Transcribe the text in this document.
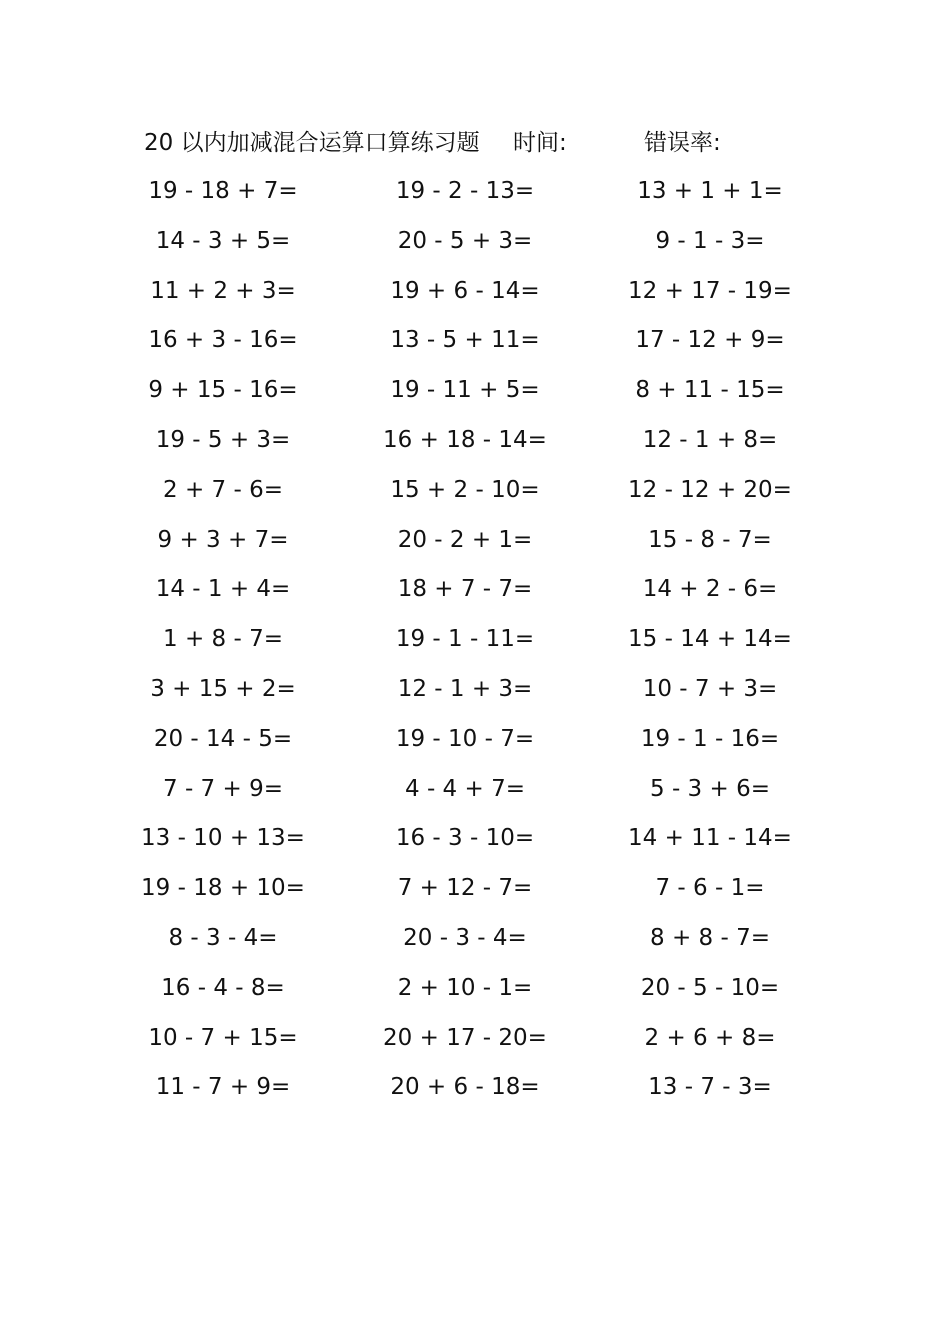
20 以内加减混合运算口算练习题 时间:	错误率:
19 - 18 + 7=	19 - 2 - 13=	13 + 1 + 1=
14 - 3 + 5=	20 - 5 + 3=	9 - 1 - 3=
11 + 2 + 3=	19 + 6 - 14=	12 + 17 - 19=
16 + 3 - 16=	13 - 5 + 11=	17 - 12 + 9=
9 + 15 - 16=	19 - 11 + 5=	8 + 11 - 15=
19 - 5 + 3=	16 + 18 - 14=	12 - 1 + 8=
2 + 7 - 6=	15 + 2 - 10=	12 - 12 + 20=
9 + 3 + 7=	20 - 2 + 1=	15 - 8 - 7=
14 - 1 + 4=	18 + 7 - 7=	14 + 2 - 6=
1 + 8 - 7=	19 - 1 - 11=	15 - 14 + 14=
3 + 15 + 2=	12 - 1 + 3=	10 - 7 + 3=
20 - 14 - 5=	19 - 10 - 7=	19 - 1 - 16=
7 - 7 + 9=	4 - 4 + 7=	5 - 3 + 6=
13 - 10 + 13=	16 - 3 - 10=	14 + 11 - 14=
19 - 18 + 10=	7 + 12 - 7=	7 - 6 - 1=
8 - 3 - 4=	20 - 3 - 4=	8 + 8 - 7=
16 - 4 - 8=	2 + 10 - 1=	20 - 5 - 10=
10 - 7 + 15=	20 + 17 - 20=	2 + 6 + 8=
11 - 7 + 9=	20 + 6 - 18=	13 - 7 - 3=
